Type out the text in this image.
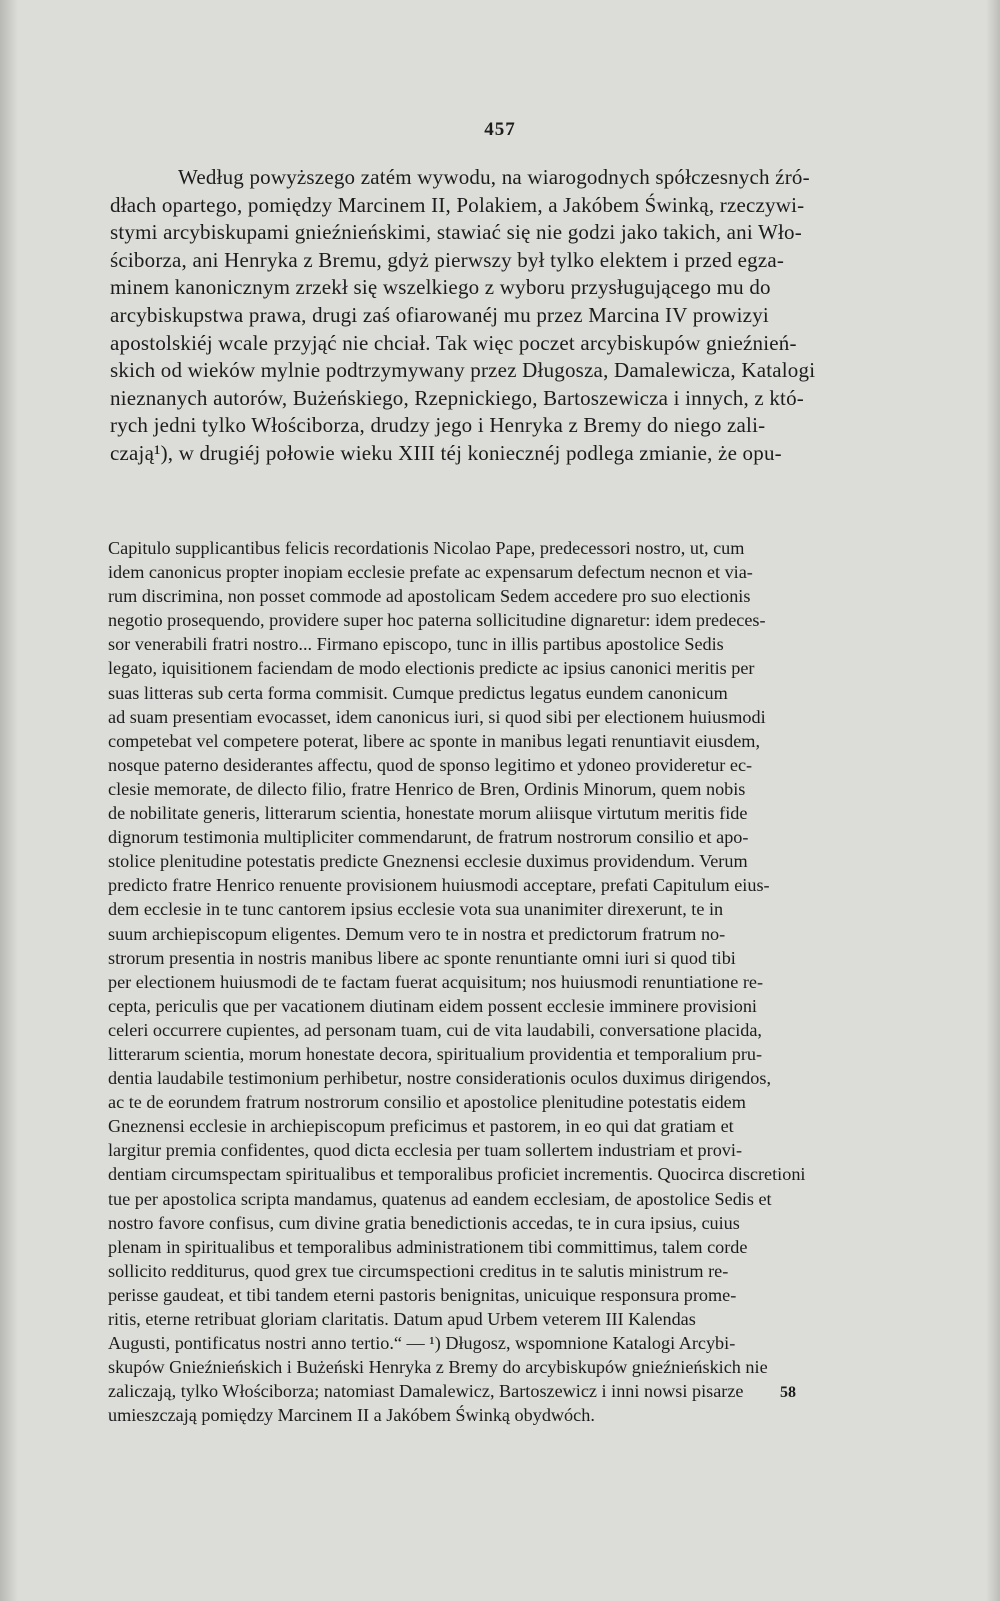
457
Według powyższego zatém wywodu, na wiarogodnych spółczesnych źró-
dłach opartego, pomiędzy Marcinem II, Polakiem, a Jakóbem Świnką, rzeczywi-
stymi arcybiskupami gnieźnieńskimi, stawiać się nie godzi jako takich, ani Wło-
ściborza, ani Henryka z Bremu, gdyż pierwszy był tylko elektem i przed egza-
minem kanonicznym zrzekł się wszelkiego z wyboru przysługującego mu do
arcybiskupstwa prawa, drugi zaś ofiarowanéj mu przez Marcina IV prowizyi
apostolskiéj wcale przyjąć nie chciał. Tak więc poczet arcybiskupów gnieźnień-
skich od wieków mylnie podtrzymywany przez Długosza, Damalewicza, Katalogi
nieznanych autorów, Bużeńskiego, Rzepnickiego, Bartoszewicza i innych, z któ-
rych jedni tylko Włościborza, drudzy jego i Henryka z Bremy do niego zali-
czają¹), w drugiéj połowie wieku XIII téj koniecznéj podlega zmianie, że opu-
Capitulo supplicantibus felicis recordationis Nicolao Pape, predecessori nostro, ut, cum
idem canonicus propter inopiam ecclesie prefate ac expensarum defectum necnon et via-
rum discrimina, non posset commode ad apostolicam Sedem accedere pro suo electionis
negotio prosequendo, providere super hoc paterna sollicitudine dignaretur: idem predeces-
sor venerabili fratri nostro... Firmano episcopo, tunc in illis partibus apostolice Sedis
legato, iquisitionem faciendam de modo electionis predicte ac ipsius canonici meritis per
suas litteras sub certa forma commisit. Cumque predictus legatus eundem canonicum
ad suam presentiam evocasset, idem canonicus iuri, si quod sibi per electionem huiusmodi
competebat vel competere poterat, libere ac sponte in manibus legati renuntiavit eiusdem,
nosque paterno desiderantes affectu, quod de sponso legitimo et ydoneo provideretur ec-
clesie memorate, de dilecto filio, fratre Henrico de Bren, Ordinis Minorum, quem nobis
de nobilitate generis, litterarum scientia, honestate morum aliisque virtutum meritis fide
dignorum testimonia multipliciter commendarunt, de fratrum nostrorum consilio et apo-
stolice plenitudine potestatis predicte Gneznensi ecclesie duximus providendum. Verum
predicto fratre Henrico renuente provisionem huiusmodi acceptare, prefati Capitulum eius-
dem ecclesie in te tunc cantorem ipsius ecclesie vota sua unanimiter direxerunt, te in
suum archiepiscopum eligentes. Demum vero te in nostra et predictorum fratrum no-
strorum presentia in nostris manibus libere ac sponte renuntiante omni iuri si quod tibi
per electionem huiusmodi de te factam fuerat acquisitum; nos huiusmodi renuntiatione re-
cepta, periculis que per vacationem diutinam eidem possent ecclesie imminere provisioni
celeri occurrere cupientes, ad personam tuam, cui de vita laudabili, conversatione placida,
litterarum scientia, morum honestate decora, spiritualium providentia et temporalium pru-
dentia laudabile testimonium perhibetur, nostre considerationis oculos duximus dirigendos,
ac te de eorundem fratrum nostrorum consilio et apostolice plenitudine potestatis eidem
Gneznensi ecclesie in archiepiscopum preficimus et pastorem, in eo qui dat gratiam et
largitur premia confidentes, quod dicta ecclesia per tuam sollertem industriam et provi-
dentiam circumspectam spiritualibus et temporalibus proficiet incrementis. Quocirca discretioni
tue per apostolica scripta mandamus, quatenus ad eandem ecclesiam, de apostolice Sedis et
nostro favore confisus, cum divine gratia benedictionis accedas, te in cura ipsius, cuius
plenam in spiritualibus et temporalibus administrationem tibi committimus, talem corde
sollicito redditurus, quod grex tue circumspectioni creditus in te salutis ministrum re-
perisse gaudeat, et tibi tandem eterni pastoris benignitas, unicuique responsura prome-
ritis, eterne retribuat gloriam claritatis. Datum apud Urbem veterem III Kalendas
Augusti, pontificatus nostri anno tertio.“ — ¹) Długosz, wspomnione Katalogi Arcybi-
skupów Gnieźnieńskich i Bużeński Henryka z Bremy do arcybiskupów gnieźnieńskich nie
zaliczają, tylko Włościborza; natomiast Damalewicz, Bartoszewicz i inni nowsi pisarze
umieszczają pomiędzy Marcinem II a Jakóbem Świnką obydwóch.
58
